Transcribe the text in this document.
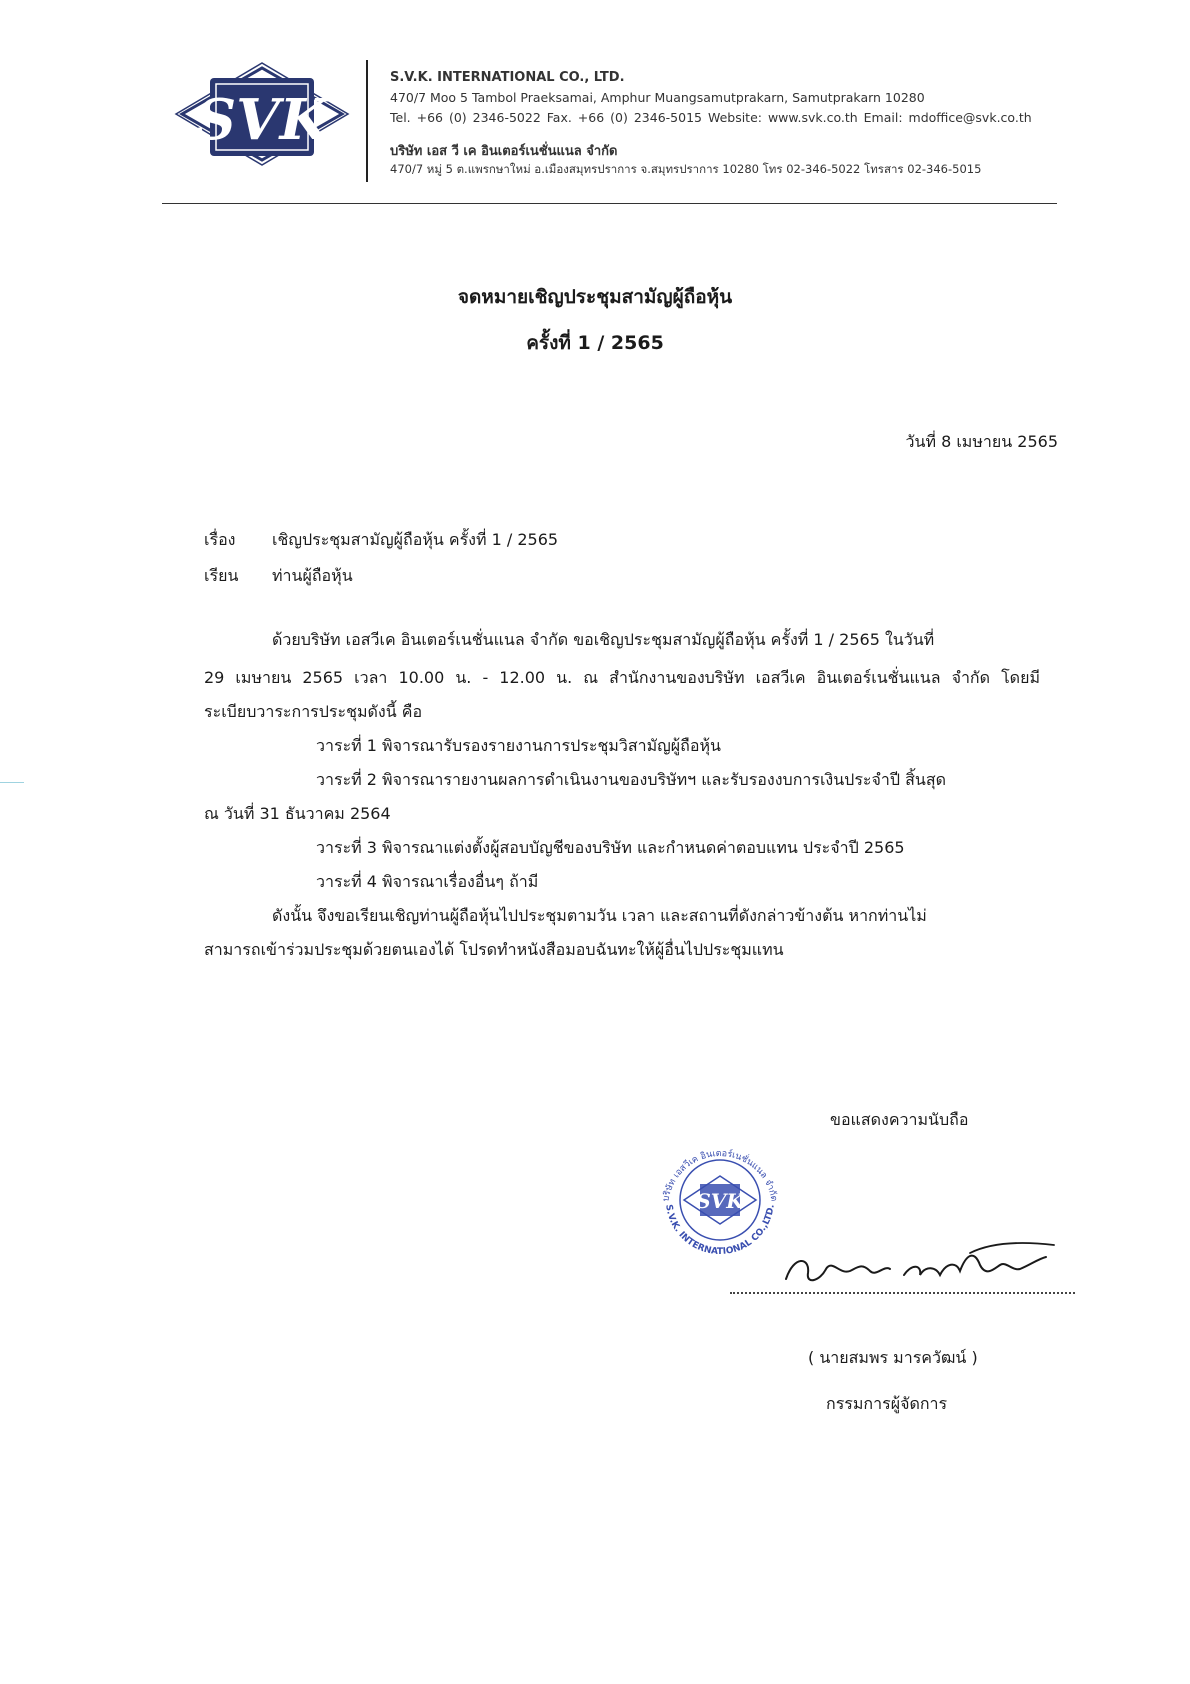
SVK
S.V.K. INTERNATIONAL CO., LTD.
470/7 Moo 5 Tambol Praeksamai, Amphur Muangsamutprakarn, Samutprakarn 10280
Tel. +66 (0) 2346-5022 Fax. +66 (0) 2346-5015 Website: www.svk.co.th Email: mdoffice@svk.co.th
บริษัท เอส วี เค อินเตอร์เนชั่นแนล จำกัด
470/7 หมู่ 5 ต.แพรกษาใหม่ อ.เมืองสมุทรปราการ จ.สมุทรปราการ 10280 โทร 02-346-5022 โทรสาร 02-346-5015
จดหมายเชิญประชุมสามัญผู้ถือหุ้น
ครั้งที่ 1 / 2565
วันที่ 8 เมษายน 2565
เรื่อง เชิญประชุมสามัญผู้ถือหุ้น ครั้งที่ 1 / 2565
เรียน ท่านผู้ถือหุ้น
ด้วยบริษัท เอสวีเค อินเตอร์เนชั่นแนล จำกัด ขอเชิญประชุมสามัญผู้ถือหุ้น ครั้งที่ 1 / 2565 ในวันที่
29 เมษายน 2565 เวลา 10.00 น. - 12.00 น. ณ สำนักงานของบริษัท เอสวีเค อินเตอร์เนชั่นแนล จำกัด โดยมี
ระเบียบวาระการประชุมดังนี้ คือ
วาระที่ 1 พิจารณารับรองรายงานการประชุมวิสามัญผู้ถือหุ้น
วาระที่ 2 พิจารณารายงานผลการดำเนินงานของบริษัทฯ และรับรองงบการเงินประจำปี สิ้นสุด
ณ วันที่ 31 ธันวาคม 2564
วาระที่ 3 พิจารณาแต่งตั้งผู้สอบบัญชีของบริษัท และกำหนดค่าตอบแทน ประจำปี 2565
วาระที่ 4 พิจารณาเรื่องอื่นๆ ถ้ามี
ดังนั้น จึงขอเรียนเชิญท่านผู้ถือหุ้นไปประชุมตามวัน เวลา และสถานที่ดังกล่าวข้างต้น หากท่านไม่
สามารถเข้าร่วมประชุมด้วยตนเองได้ โปรดทำหนังสือมอบฉันทะให้ผู้อื่นไปประชุมแทน
ขอแสดงความนับถือ
บริษัท เอสวีเค อินเตอร์เนชั่นแนล จำกัด
S.V.K. INTERNATIONAL CO.,LTD.
SVK
( นายสมพร มารควัฒน์ )
กรรมการผู้จัดการ
